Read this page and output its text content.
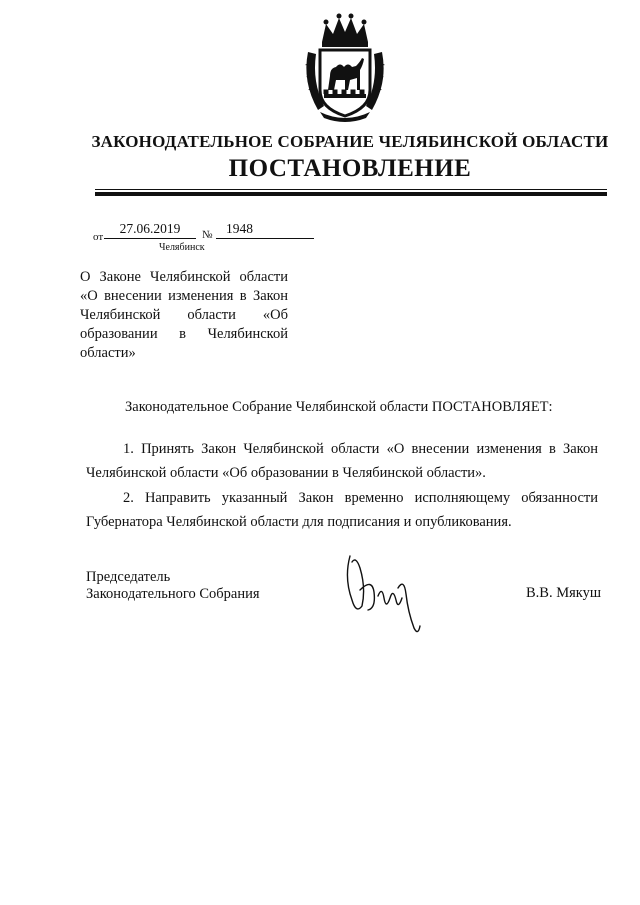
ЗАКОНОДАТЕЛЬНОЕ СОБРАНИЕ ЧЕЛЯБИНСКОЙ ОБЛАСТИ
ПОСТАНОВЛЕНИЕ
от
27.06.2019	№	1948
Челябинск
О Законе Челябинской области «О внесении изменения в Закон Челябинской области «Об образовании в Челябинской области»
Законодательное Собрание Челябинской области ПОСТАНОВЛЯЕТ:
1. Принять Закон Челябинской области «О внесении изменения в Закон Челябинской области «Об образовании в Челябинской области».
2. Направить указанный Закон временно исполняющему обязанности Губернатора Челябинской области для подписания и опубликования.
Председатель
Законодательного Собрания	В.В. Мякуш
